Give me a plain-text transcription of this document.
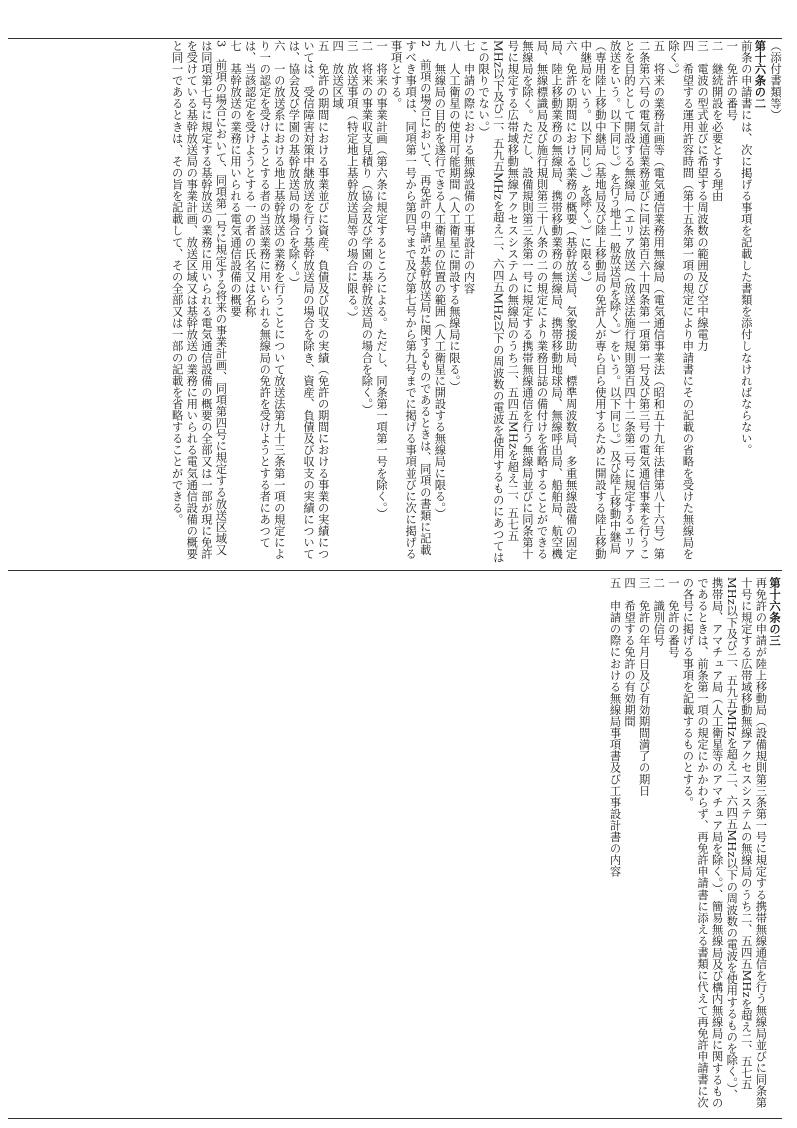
（添付書類等）
第十六条の二
前条の申請書には、次に掲げる事項を記載した書類を添付しなければならない。
一　免許の番号
二　継続開設を必要とする理由
三　電波の型式並びに希望する周波数の範囲及び空中線電力
四　希望する運用許容時間（第十五条第一項の規定により申請書にその記載の省略を受けた無線局を除く。）
五　将来の業務計画等（電気通信業務用無線局（電気通信事業法（昭和五十九年法律第八十六号）第二条第六号の電気通信業務並びに同法第百六十四条第一項第一号及び第三号の電気通信事業を行うことを目的として開設する無線局（エリア放送（放送法施行規則第百四十二条第二号に規定するエリア放送をいう。以下同じ。）を行う地上一般放送局を除く。）をいう。以下同じ。）及び陸上移動中継局（専用陸上移動中継局（基地局及び陸上移動局の免許人が専ら自ら使用するために開設する陸上移動中継局をいう。以下同じ。）を除く。）に限る。）
六　免許の期間における業務の概要（基幹放送局、気象援助局、標準周波数局、多重無線設備の固定局、陸上移動業務の無線局、携帯移動業務の無線局、携帯移動地球局、無線呼出局、船舶局、航空機局、無線標識局及び施行規則第三十八条の二の規定により業務日誌の備付けを省略することができる無線局を除く。ただし、設備規則第三条第一号に規定する携帯無線通信を行う無線局並びに同条第十号に規定する広帯域移動無線アクセスシステムの無線局のうち二、五四五MHzを超え二、五七五MHz以下及び二、五九五MHzを超え二、六四五MHz以下の周波数の電波を使用するものにあつてはこの限りでない。）
七　申請の際における無線設備の工事設計の内容
八　人工衛星の使用可能期間（人工衛星に開設する無線局に限る。）
九　無線局の目的を遂行できる人工衛星の位置の範囲（人工衛星に開設する無線局に限る。）
2　前項の場合において、再免許の申請が基幹放送局に関するものであるときは、同項の書類に記載すべき事項は、同項第一号から第四号まで及び第七号から第九号までに掲げる事項並びに次に掲げる事項とする。
一　将来の事業計画（第六条に規定するところによる。ただし、同条第一項第一号を除く。）
二　将来の事業収支見積り（協会及び学園の基幹放送局の場合を除く。）
三　放送事項（特定地上基幹放送局等の場合に限る。）
四　放送区域
五　免許の期間における事業並びに資産、負債及び収支の実績（免許の期間における事業の実績については、受信障害対策中継放送を行う基幹放送局の場合を除き、資産、負債及び収支の実績については、協会及び学園の基幹放送局の場合を除く。）
六　一の放送系における地上基幹放送の業務を行うことについて放送法第九十三条第一項の規定により一の認定を受けようとする者の当該業務に用いられる無線局の免許を受けようとする者にあつては、当該認定を受けようとする一の者の氏名又は名称
七　基幹放送の業務に用いられる電気通信設備の概要
3　前項の場合において、同項第一号に規定する将来の事業計画、同項第四号に規定する放送区域又は同項第七号に規定する基幹放送の業務に用いられる電気通信設備の概要の全部又は一部が現に免許を受けている基幹放送局の事業計画、放送区域又は基幹放送の業務に用いられる電気通信設備の概要と同一であるときは、その旨を記載して、その全部又は一部の記載を省略することができる。
第十六条の三
再免許の申請が陸上移動局（設備規則第三条第一号に規定する携帯無線通信を行う無線局並びに同条第十号に規定する広帯域移動無線アクセスシステムの無線局のうち二、五四五MHzを超え二、五七五MHz以下及び二、五九五MHzを超え二、六四五MHz以下の周波数の電波を使用するものを除く。）、携帯局、アマチュア局（人工衛星等のアマチュア局を除く。）、簡易無線局及び構内無線局に関するものであるときは、前条第一項の規定にかかわらず、再免許申請書に添える書類に代えて再免許申請書に次の各号に掲げる事項を記載するものとする。
一　免許の番号
二　識別信号
三　免許の年月日及び有効期間満了の期日
四　希望する免許の有効期間
五　申請の際における無線局事項書及び工事設計書の内容
